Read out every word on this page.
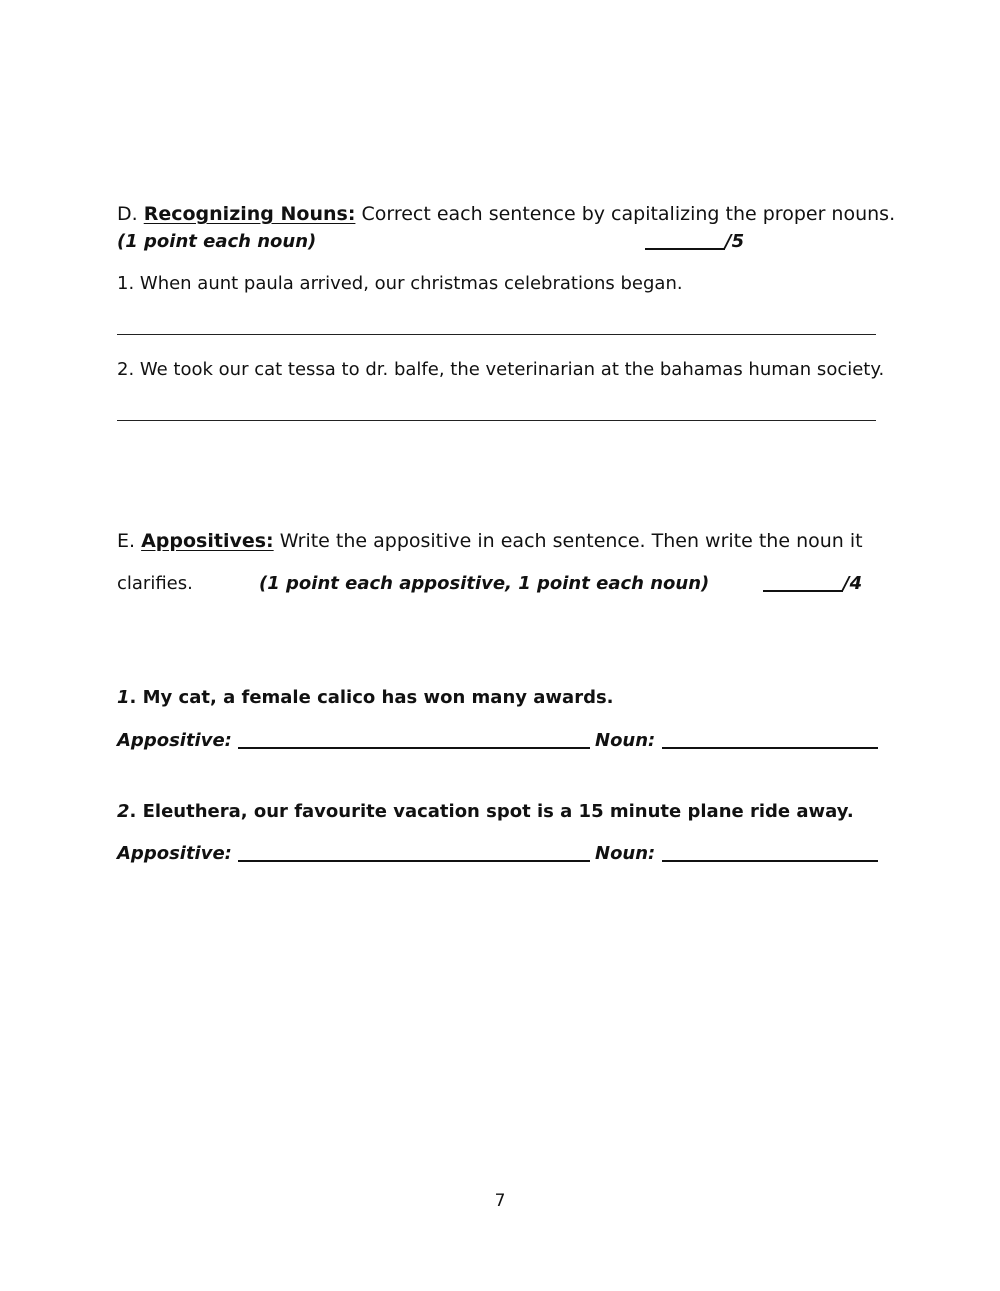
D. Recognizing Nouns: Correct each sentence by capitalizing the proper nouns.
(1 point each noun)	/5
1. When aunt paula arrived, our christmas celebrations began.
2. We took our cat tessa to dr. balfe, the veterinarian at the bahamas human society.
E. Appositives: Write the appositive in each sentence. Then write the noun it
clarifies.	(1 point each appositive, 1 point each noun)	/4
1. My cat, a female calico has won many awards.
Appositive:	Noun:
2. Eleuthera, our favourite vacation spot is a 15 minute plane ride away.
Appositive:	Noun:
7
